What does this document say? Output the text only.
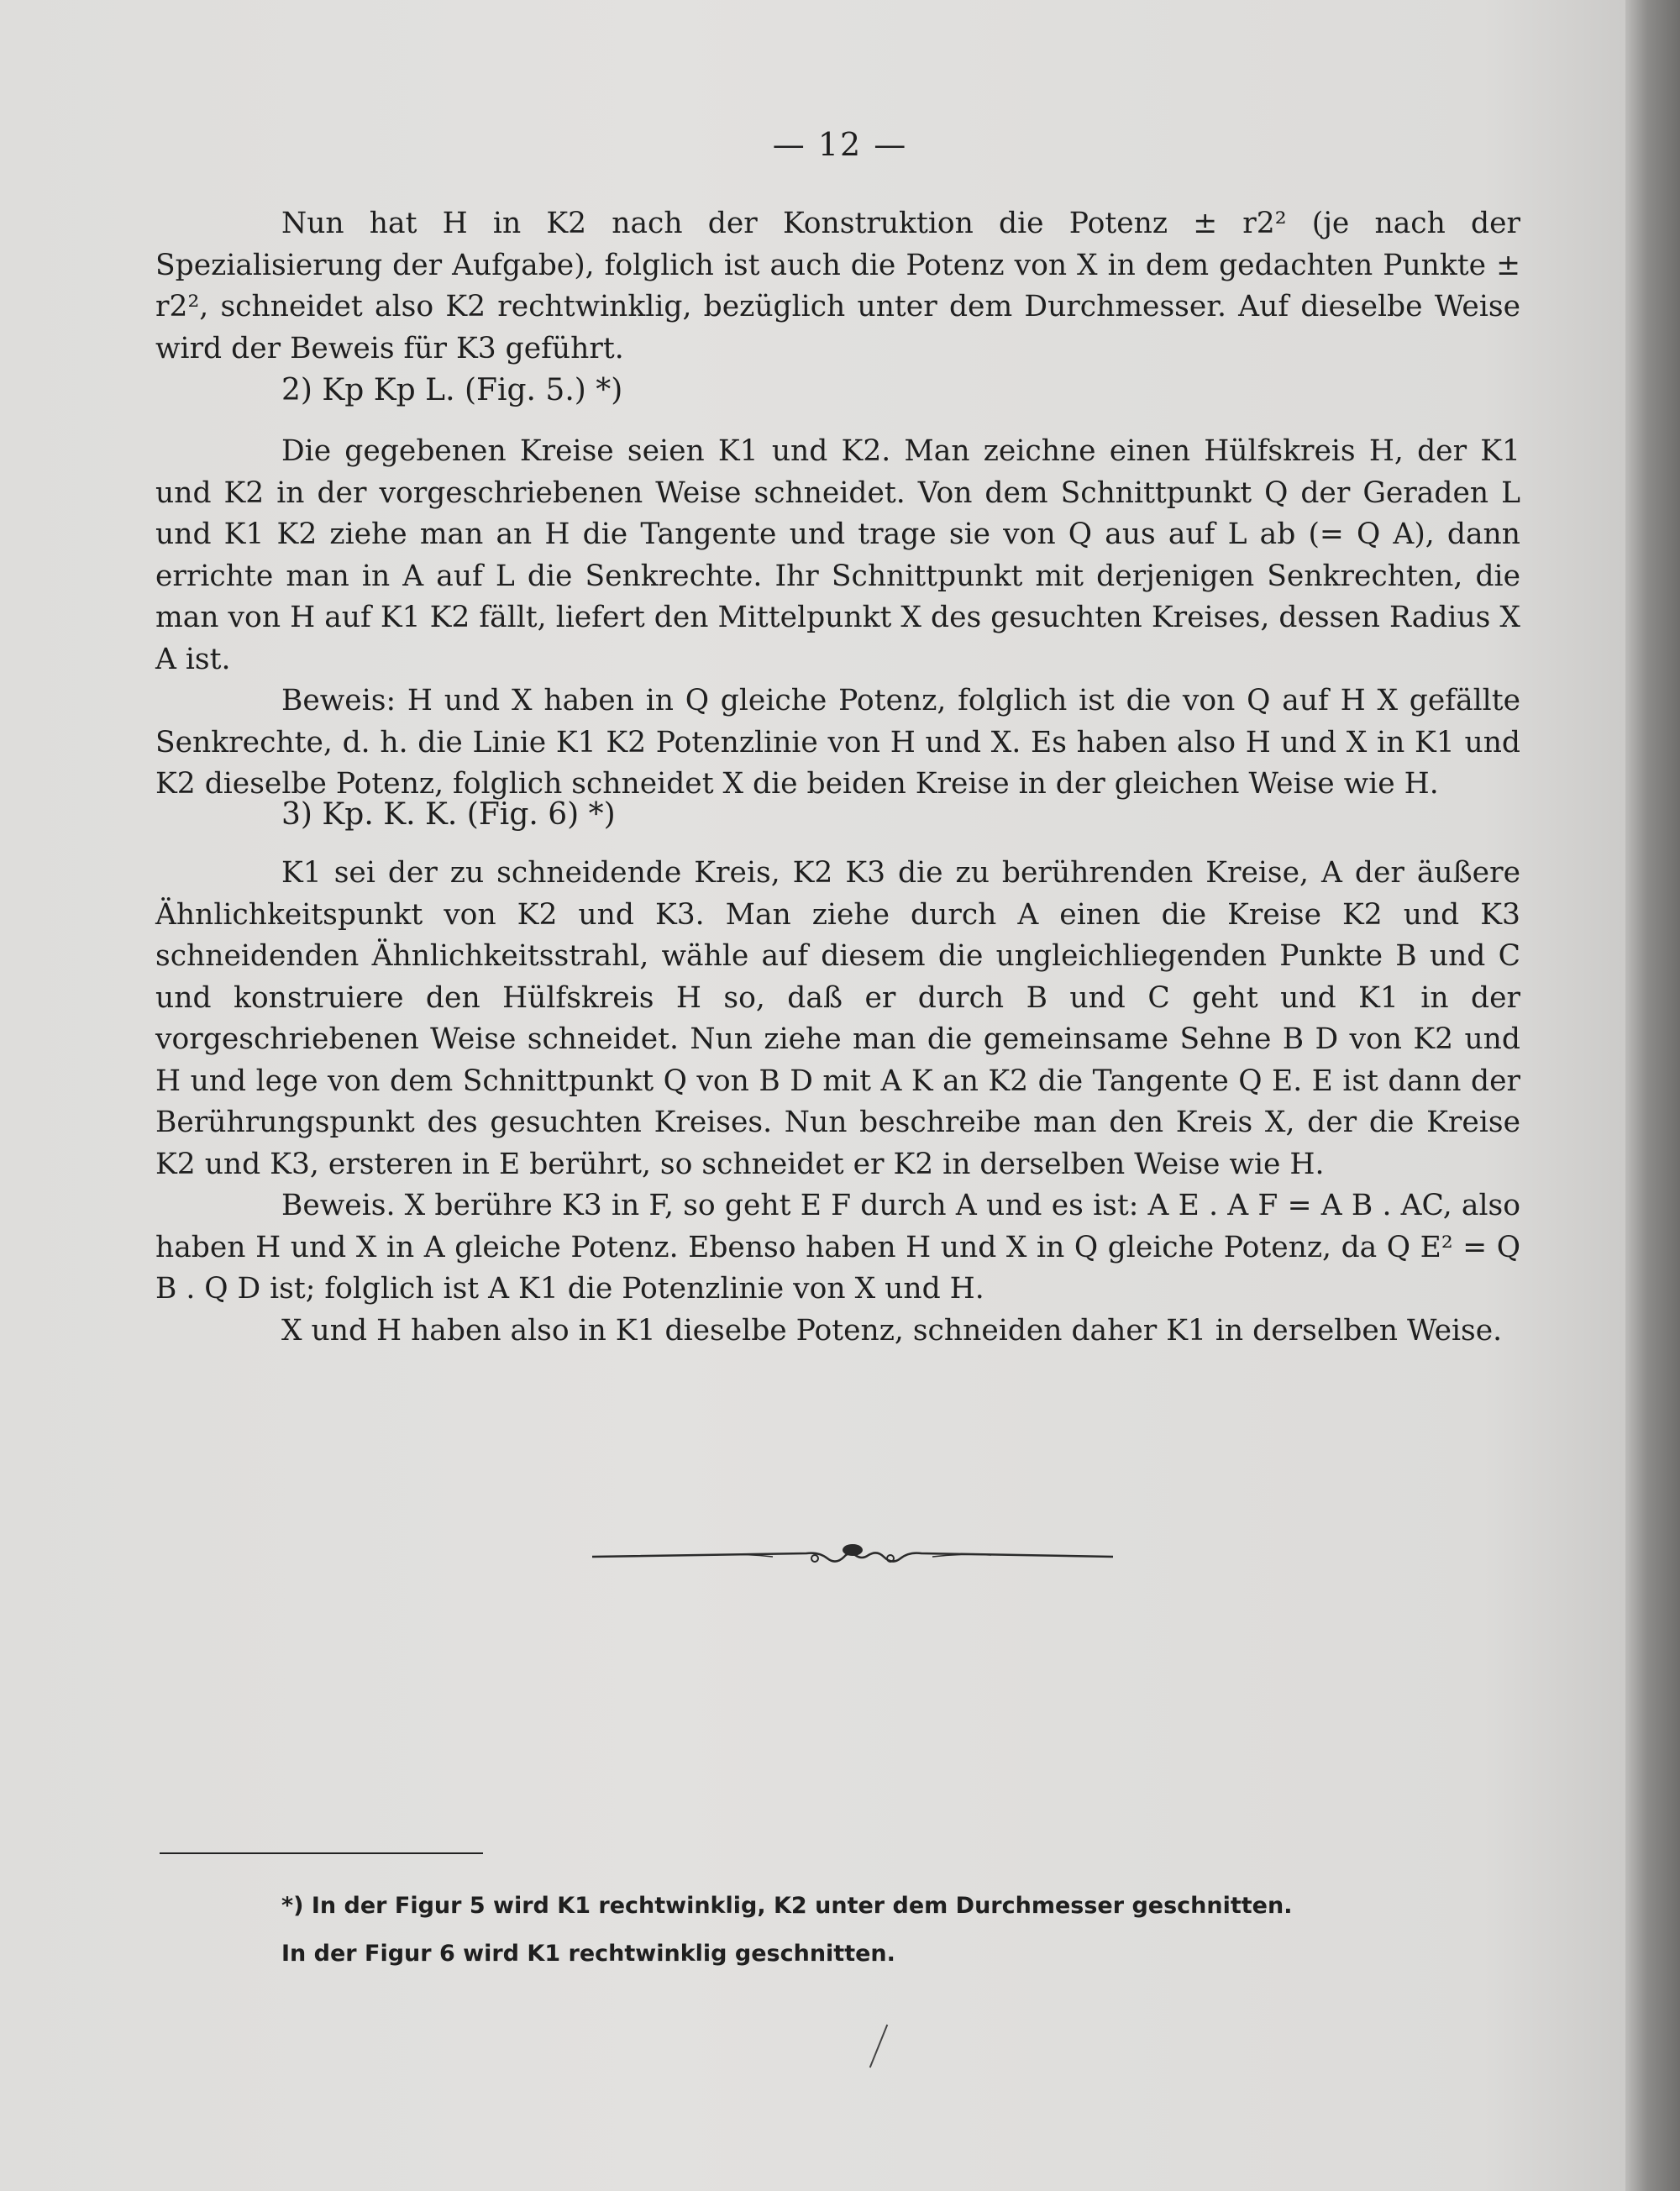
— 12 —

Nun hat H in K2 nach der Konstruktion die Potenz ± r2² (je nach der Spezialisierung der Aufgabe), folglich ist auch die Potenz von X in dem gedachten Punkte ± r2², schneidet also K2 rechtwinklig, bezüglich unter dem Durchmesser. Auf dieselbe Weise wird der Beweis für K3 geführt.

2) Kp Kp L. (Fig. 5.) *)

Die gegebenen Kreise seien K1 und K2. Man zeichne einen Hülfskreis H, der K1 und K2 in der vorgeschriebenen Weise schneidet. Von dem Schnittpunkt Q der Geraden L und K1 K2 ziehe man an H die Tangente und trage sie von Q aus auf L ab (= Q A), dann errichte man in A auf L die Senkrechte. Ihr Schnittpunkt mit derjenigen Senkrechten, die man von H auf K1 K2 fällt, liefert den Mittelpunkt X des gesuchten Kreises, dessen Radius X A ist.

Beweis: H und X haben in Q gleiche Potenz, folglich ist die von Q auf H X gefällte Senkrechte, d. h. die Linie K1 K2 Potenzlinie von H und X. Es haben also H und X in K1 und K2 dieselbe Potenz, folglich schneidet X die beiden Kreise in der gleichen Weise wie H.

3) Kp. K. K. (Fig. 6) *)

K1 sei der zu schneidende Kreis, K2 K3 die zu berührenden Kreise, A der äußere Ähnlichkeitspunkt von K2 und K3. Man ziehe durch A einen die Kreise K2 und K3 schneidenden Ähnlichkeitsstrahl, wähle auf diesem die ungleichliegenden Punkte B und C und konstruiere den Hülfskreis H so, daß er durch B und C geht und K1 in der vorgeschriebenen Weise schneidet. Nun ziehe man die gemeinsame Sehne B D von K2 und H und lege von dem Schnittpunkt Q von B D mit A K an K2 die Tangente Q E. E ist dann der Berührungspunkt des gesuchten Kreises. Nun beschreibe man den Kreis X, der die Kreise K2 und K3, ersteren in E berührt, so schneidet er K2 in derselben Weise wie H.

Beweis. X berühre K3 in F, so geht E F durch A und es ist: A E . A F = A B . AC, also haben H und X in A gleiche Potenz. Ebenso haben H und X in Q gleiche Potenz, da Q E² = Q B . Q D ist; folglich ist A K1 die Potenzlinie von X und H.

X und H haben also in K1 dieselbe Potenz, schneiden daher K1 in derselben Weise.

*) In der Figur 5 wird K1 rechtwinklig, K2 unter dem Durchmesser geschnitten.

In der Figur 6 wird K1 rechtwinklig geschnitten.
